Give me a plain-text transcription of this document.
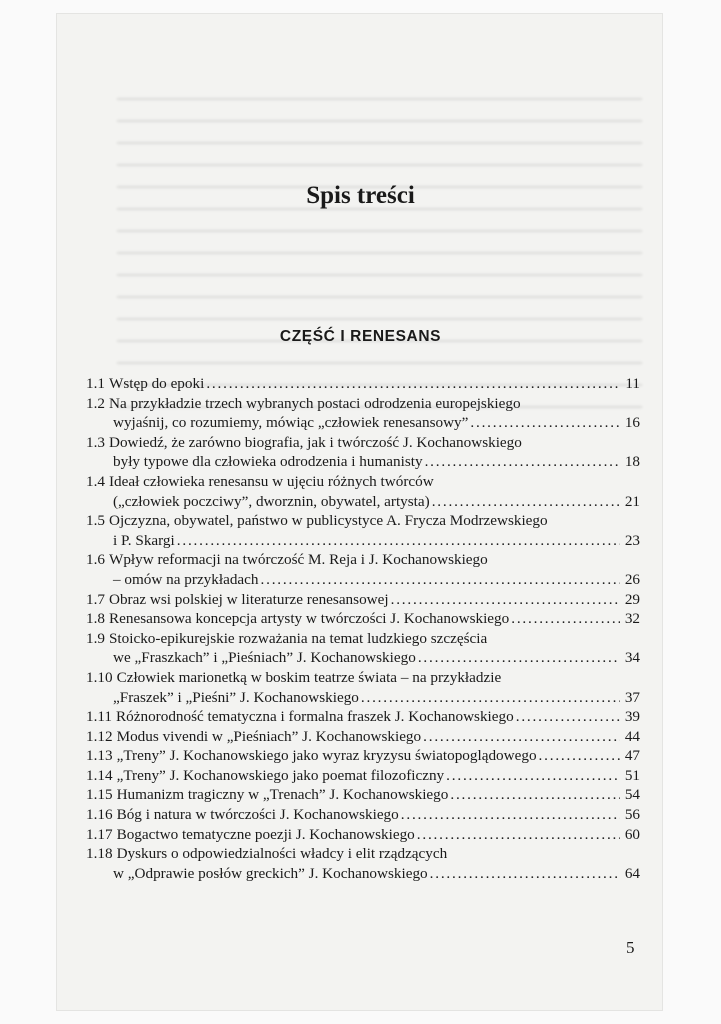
Spis treści
CZĘŚĆ I RENESANS
1.1 Wstęp do epoki . . .	11
1.2 Na przykładzie trzech wybranych postaci odrodzenia europejskiego
wyjaśnij, co rozumiemy, mówiąc „człowiek renesansowy” . . .	16
1.3 Dowiedź, że zarówno biografia, jak i twórczość J. Kochanowskiego
były typowe dla człowieka odrodzenia i humanisty . . .	18
1.4 Ideał człowieka renesansu w ujęciu różnych twórców
(„człowiek poczciwy”, dworznin, obywatel, artysta) . . .	21
1.5 Ojczyzna, obywatel, państwo w publicystyce A. Frycza Modrzewskiego
i P. Skargi . . .	23
1.6 Wpływ reformacji na twórczość M. Reja i J. Kochanowskiego
– omów na przykładach . . .	26
1.7 Obraz wsi polskiej w literaturze renesansowej . . .	29
1.8 Renesansowa koncepcja artysty w twórczości J. Kochanowskiego . . .	32
1.9 Stoicko-epikurejskie rozważania na temat ludzkiego szczęścia
we „Fraszkach” i „Pieśniach” J. Kochanowskiego . . .	34
1.10 Człowiek marionetką w boskim teatrze świata – na przykładzie
„Fraszek” i „Pieśni” J. Kochanowskiego . . .	37
1.11 Różnorodność tematyczna i formalna fraszek J. Kochanowskiego . . .	39
1.12 Modus vivendi w „Pieśniach” J. Kochanowskiego . . .	44
1.13 „Treny” J. Kochanowskiego jako wyraz kryzysu światopoglądowego . . .	47
1.14 „Treny” J. Kochanowskiego jako poemat filozoficzny . . .	51
1.15 Humanizm tragiczny w „Trenach” J. Kochanowskiego . . .	54
1.16 Bóg i natura w twórczości J. Kochanowskiego . . .	56
1.17 Bogactwo tematyczne poezji J. Kochanowskiego . . .	60
1.18 Dyskurs o odpowiedzialności władcy i elit rządzących
w „Odprawie posłów greckich” J. Kochanowskiego . . .	64

5
